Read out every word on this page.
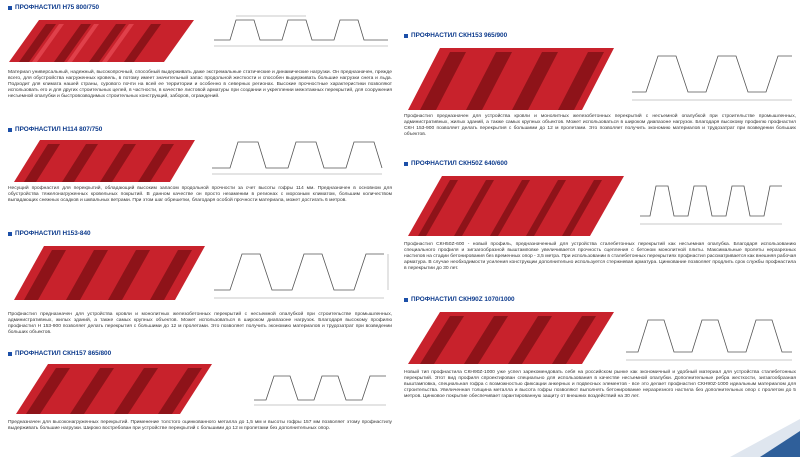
ПРОФНАСТИЛ Н75 800/750
Материал универсальный, надежный, высокопрочный, способный выдерживать даже экстремальные статические и динамические нагрузки. Он предназначен, прежде всего, для обустройства нагруженных кровель, в потому имеет значительный запас продольной жесткости и способен выдерживать большие нагрузки снега и льда. Подходит для климата нашей страны, сурового почти на всей ее территории и особенно в северных регионах. Высокие прочностные характеристики позволяют использовать его и для других строительных целей, в частности, в качестве листовой арматуры при создании и укреплении межэтажных перекрытий, для сооружения несъемной опалубки и быстровозводимых строительных конструкций, заборов, ограждений.
ПРОФНАСТИЛ Н114 807/750
Несущий профнастил для перекрытий, обладающий высоким запасом продольной прочности за счет высоты гофры 114 мм. Предназначен в основном для обустройства тяжелонагруженных кровельных покрытий. В данном качестве он просто незаменим в регионах с морозным климатом, большим количеством выпадающих снежных осадков и шквальных ветрами. При этом шаг обрешетки, благодаря особой прочности материала, может достигать 6 метров.
ПРОФНАСТИЛ Н153-840
Профнастил предназначен для устройства кровли и монолитных железобетонных перекрытий с несъемной опалубкой при строительстве промышленных, административных, жилых зданий, а также самых крупных объектов. Может использоваться в широком диапазоне нагрузок. Благодаря высокому профилю профнастил Н 153-900 позволяет делать перекрытия с большими до 12 м пролетами. Это позволяет получить экономию материалов и трудозатрат при возведении больших объектов.
ПРОФНАСТИЛ СКН157 865/800
Предназначен для высоконагруженных перекрытий. Применение толстого оцинкованного металла до 1,5 мм и высоты гофры 157 мм позволяет этому профнастилу выдерживать большие нагрузки. Широко востребован при устройстве перекрытий с большими до 12 м пролетами без дополнительных опор.
ПРОФНАСТИЛ СКН153 965/900
Профнастил предназначен для устройства кровли и монолитных железобетонных перекрытий с несъемной опалубкой при строительстве промышленных, административных, жилых зданий, а также самых крупных объектов. Может использоваться в широком диапазоне нагрузок. Благодаря высокому профилю профнастил СКН 153-900 позволяет делать перекрытия с большими до 12 м пролетами. Это позволяет получить экономию материалов и трудозатрат при возведении больших объектов.
ПРОФНАСТИЛ СКН50Z 640/600
Профнастил СКН50Z-600 - новый профиль, предназначенный для устройства сталебетонных перекрытий как несъемная опалубка. Благодаря использованию специального профиля и зигзагообразной выштамповке увеличивается прочность сцепления с бетоном монолитной плиты. Максимальные пролеты неразрезных настилов на стадии бетонирования без временных опор - 3,5 метра. При использовании в сталебетонных перекрытиях профнастил рассматривается как внешняя рабочая арматура. В случае необходимости усиления конструкции дополнительно используется стержневая арматура. Цинкование позволяет продлить срок службы профнастила в перекрытии до 30 лет.
ПРОФНАСТИЛ СКН90Z 1070/1000
Новый тип профнастила СКН90Z-1000 уже успел зарекомендовать себя на российском рынке как экономичный и удобный материал для устройства сталебетонных перекрытий. Этот вид профиля спроектирован специально для использования в качестве несъемной опалубки. Дополнительные ребра жесткости, зигзагообразная выштамповка, специальная гофра с возможностью фиксации анкерных и подвесных элементов - все это делает профнастил СКН90Z-1000 идеальным материалом для строительства. Увеличенная толщина металла и высота гофры позволяют выполнять бетонирование неразрезного настила без дополнительных опор с пролетом до 5 метров. Цинковое покрытие обеспечивает гарантированную защиту от внешних воздействий на 30 лет.
